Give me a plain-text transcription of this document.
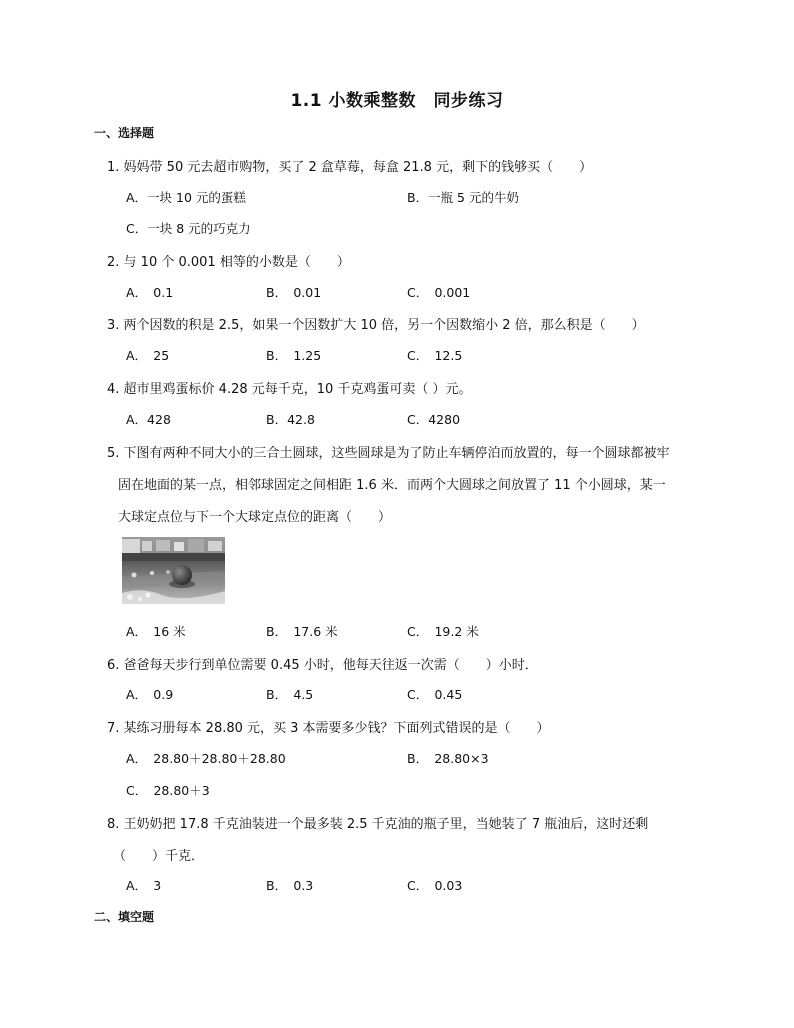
1.1 小数乘整数　同步练习
一、选择题
1. 妈妈带 50 元去超市购物，买了 2 盒草莓，每盒 21.8 元，剩下的钱够买（　　）
A．一块 10 元的蛋糕	B．一瓶 5 元的牛奶
C．一块 8 元的巧克力
2. 与 10 个 0.001 相等的小数是（　　）
A．　0.1	B．　0.01	C．　0.001
3. 两个因数的积是 2.5，如果一个因数扩大 10 倍，另一个因数缩小 2 倍，那么积是（　　）
A．　25	B．　1.25	C．　12.5
4. 超市里鸡蛋标价 4.28 元每千克，10 千克鸡蛋可卖（ ）元。
A．428	B．42.8	C．4280
5. 下图有两种不同大小的三合土圆球，这些圆球是为了防止车辆停泊而放置的，每一个圆球都被牢
固在地面的某一点，相邻球固定之间相距 1.6 米．而两个大圆球之间放置了 11 个小圆球，某一
大球定点位与下一个大球定点位的距离（　　）
A．　16 米	B．　17.6 米	C．　19.2 米
6. 爸爸每天步行到单位需要 0.45 小时，他每天往返一次需（　　）小时．
A．　0.9	B．　4.5	C．　0.45
7. 某练习册每本 28.80 元，买 3 本需要多少钱？下面列式错误的是（　　）
A．　28.80＋28.80＋28.80	B．　28.80×3
C．　28.80＋3
8. 王奶奶把 17.8 千克油装进一个最多装 2.5 千克油的瓶子里，当她装了 7 瓶油后，这时还剩
（　　）千克．
A．　3	B．　0.3	C．　0.03
二、填空题
